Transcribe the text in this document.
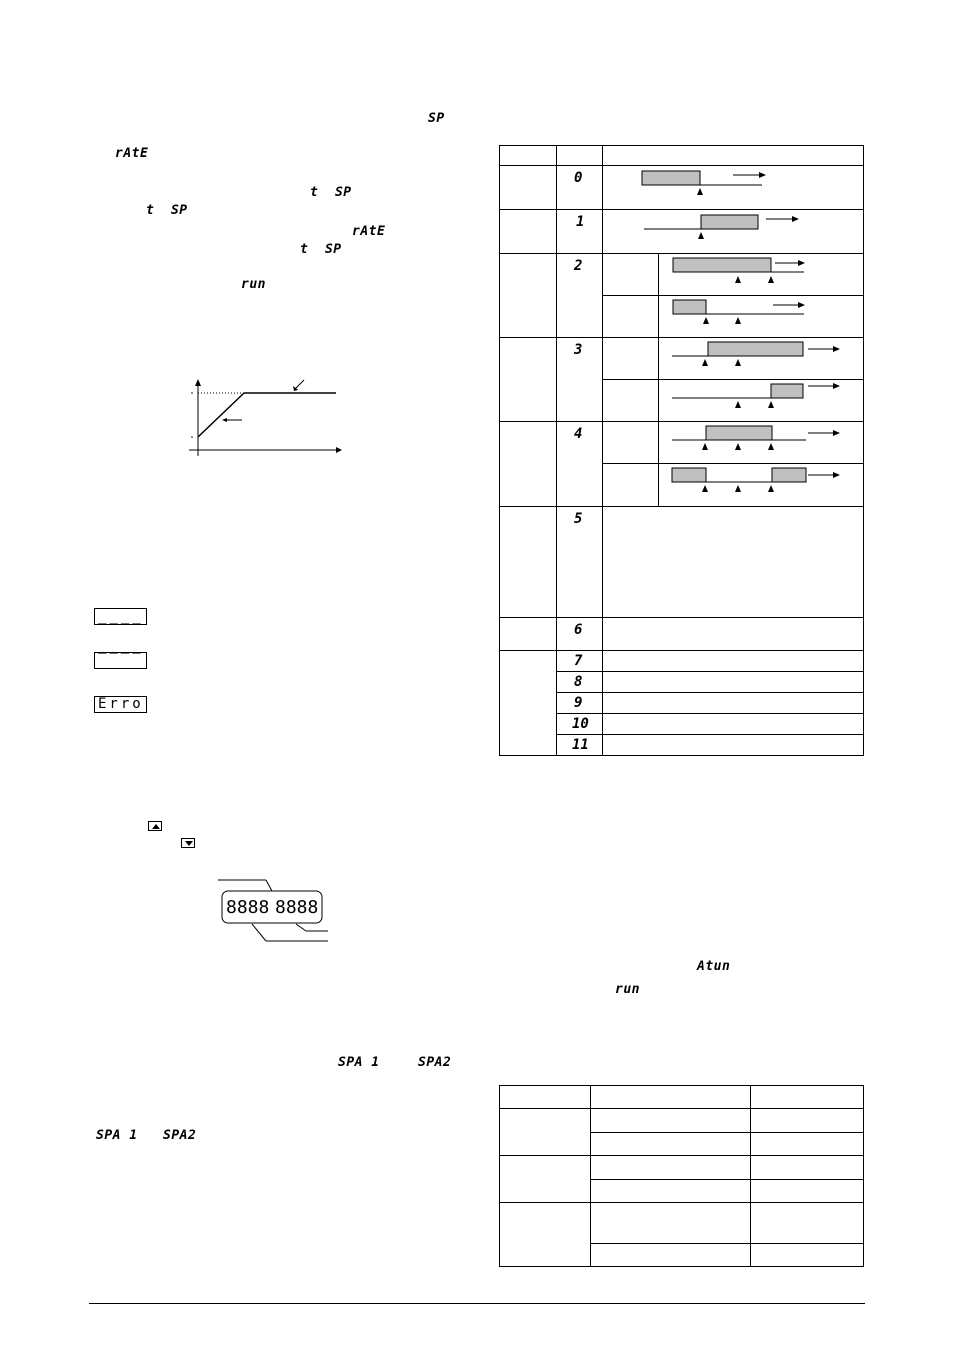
SP
rAtE
t  SP
t  SP
rAtE
t  SP
run
____
‾‾‾‾
Erro
8888 8888
SPA 1	SPA2
SPA 1 SPA2
0
1
2
3
4
5
6
7
8
9
10
11
Atun
run
